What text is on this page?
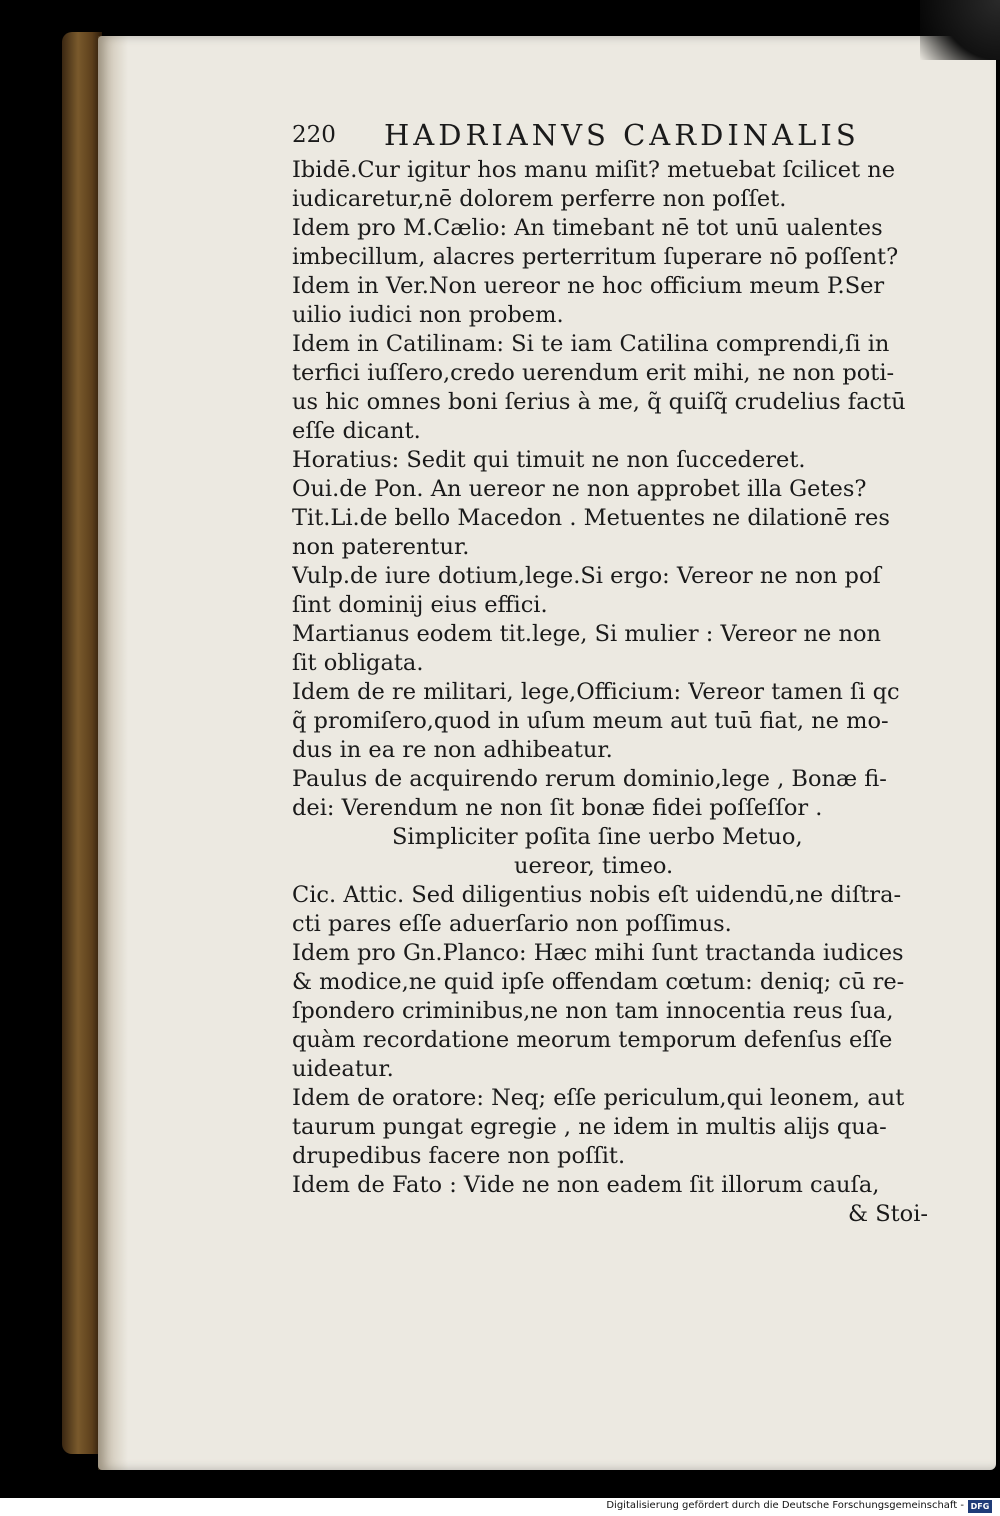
220 HADRIANVS CARDINALIS
Ibidē.Cur igitur hos manu miſit? metuebat ſcilicet ne
iudicaretur,nē dolorem perferre non poſſet.
Idem pro M.Cælio: An timebant nē tot unū ualentes
imbecillum, alacres perterritum ſuperare nō poſſent?
Idem in Ver.Non uereor ne hoc officium meum P.Ser
uilio iudici non probem.
Idem in Catilinam: Si te iam Catilina comprendi,ſi in
terfici iuſſero,credo uerendum erit mihi, ne non poti-
us hic omnes boni ſerius à me, q̃ quiſq̃ crudelius factū
eſſe dicant.
Horatius: Sedit qui timuit ne non ſuccederet.
Oui.de Pon. An uereor ne non approbet illa Getes?
Tit.Li.de bello Macedon . Metuentes ne dilationē res
non paterentur.
Vulp.de iure dotium,lege.Si ergo: Vereor ne non poſ
ſint dominij eius effici.
Martianus eodem tit.lege, Si mulier : Vereor ne non
ſit obligata.
Idem de re militari, lege,Officium: Vereor tamen ſi qc
q̃ promiſero,quod in uſum meum aut tuū fiat, ne mo-
dus in ea re non adhibeatur.
Paulus de acquirendo rerum dominio,lege , Bonæ fi-
dei: Verendum ne non ſit bonæ fidei poſſeſſor .
Simpliciter poſita ſine uerbo Metuo,
uereor, timeo.
Cic. Attic. Sed diligentius nobis eſt uidendū,ne diſtra-
cti pares eſſe aduerſario non poſſimus.
Idem pro Gn.Planco: Hæc mihi ſunt tractanda iudices
& modice,ne quid ipſe offendam cœtum: deniq; cū re-
ſpondero criminibus,ne non tam innocentia reus ſua,
quàm recordatione meorum temporum defenſus eſſe
uideatur.
Idem de oratore: Neq; eſſe periculum,qui leonem, aut
taurum pungat egregie , ne idem in multis alijs qua-
drupedibus facere non poſſit.
Idem de Fato : Vide ne non eadem ſit illorum cauſa,
& Stoi-
Digitalisierung gefördert durch die Deutsche Forschungsgemeinschaft - DFG
